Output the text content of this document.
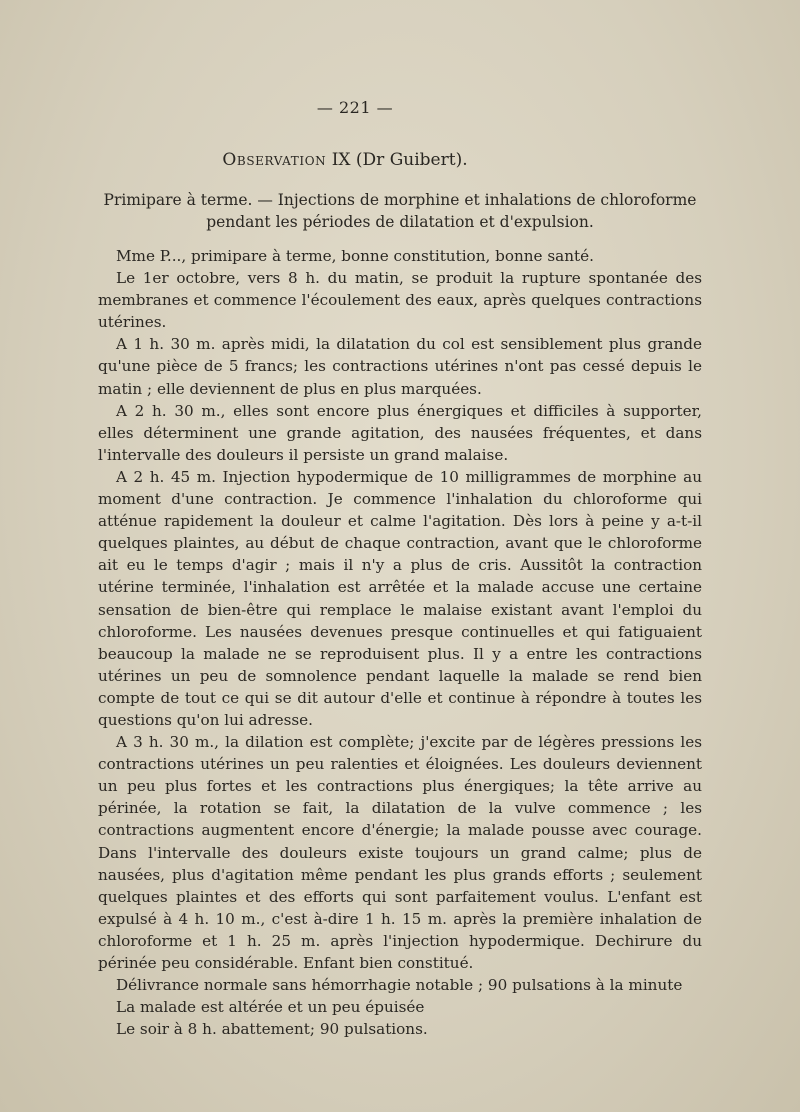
— 221 —
Observation IX (Dr Guibert).
Primipare à terme. — Injections de morphine et inhalations de chloroforme pendant les périodes de dilatation et d'expulsion.

Mme P..., primipare à terme, bonne constitution, bonne santé.

Le 1er octobre, vers 8 h. du matin, se produit la rupture spontanée des membranes et commence l'écoulement des eaux, après quelques contractions utérines.

A 1 h. 30 m. après midi, la dilatation du col est sensiblement plus grande qu'une pièce de 5 francs; les contractions utérines n'ont pas cessé depuis le matin ; elle deviennent de plus en plus marquées.

A 2 h. 30 m., elles sont encore plus énergiques et difficiles à supporter, elles déterminent une grande agitation, des nausées fréquentes, et dans l'intervalle des douleurs il persiste un grand malaise.

A 2 h. 45 m. Injection hypodermique de 10 milligrammes de morphine au moment d'une contraction. Je commence l'inhalation du chloroforme qui atténue rapidement la douleur et calme l'agitation. Dès lors à peine y a-t-il quelques plaintes, au début de chaque contraction, avant que le chloroforme ait eu le temps d'agir ; mais il n'y a plus de cris. Aussitôt la contraction utérine terminée, l'inhalation est arrêtée et la malade accuse une certaine sensation de bien-être qui remplace le malaise existant avant l'emploi du chloroforme. Les nausées devenues presque continuelles et qui fatiguaient beaucoup la malade ne se reproduisent plus. Il y a entre les contractions utérines un peu de somnolence pendant laquelle la malade se rend bien compte de tout ce qui se dit autour d'elle et continue à répondre à toutes les questions qu'on lui adresse.

A 3 h. 30 m., la dilation est complète; j'excite par de légères pressions les contractions utérines un peu ralenties et éloignées. Les douleurs deviennent un peu plus fortes et les contractions plus énergiques; la tête arrive au périnée, la rotation se fait, la dilatation de la vulve commence ; les contractions augmentent encore d'énergie; la malade pousse avec courage. Dans l'intervalle des douleurs existe toujours un grand calme; plus de nausées, plus d'agitation même pendant les plus grands efforts ; seulement quelques plaintes et des efforts qui sont parfaitement voulus. L'enfant est expulsé à 4 h. 10 m., c'est à-dire 1 h. 15 m. après la première inhalation de chloroforme et 1 h. 25 m. après l'injection hypodermique. Dechirure du périnée peu considérable. Enfant bien constitué.

Délivrance normale sans hémorrhagie notable ; 90 pulsations à la minute

La malade est altérée et un peu épuisée

Le soir à 8 h. abattement; 90 pulsations.
